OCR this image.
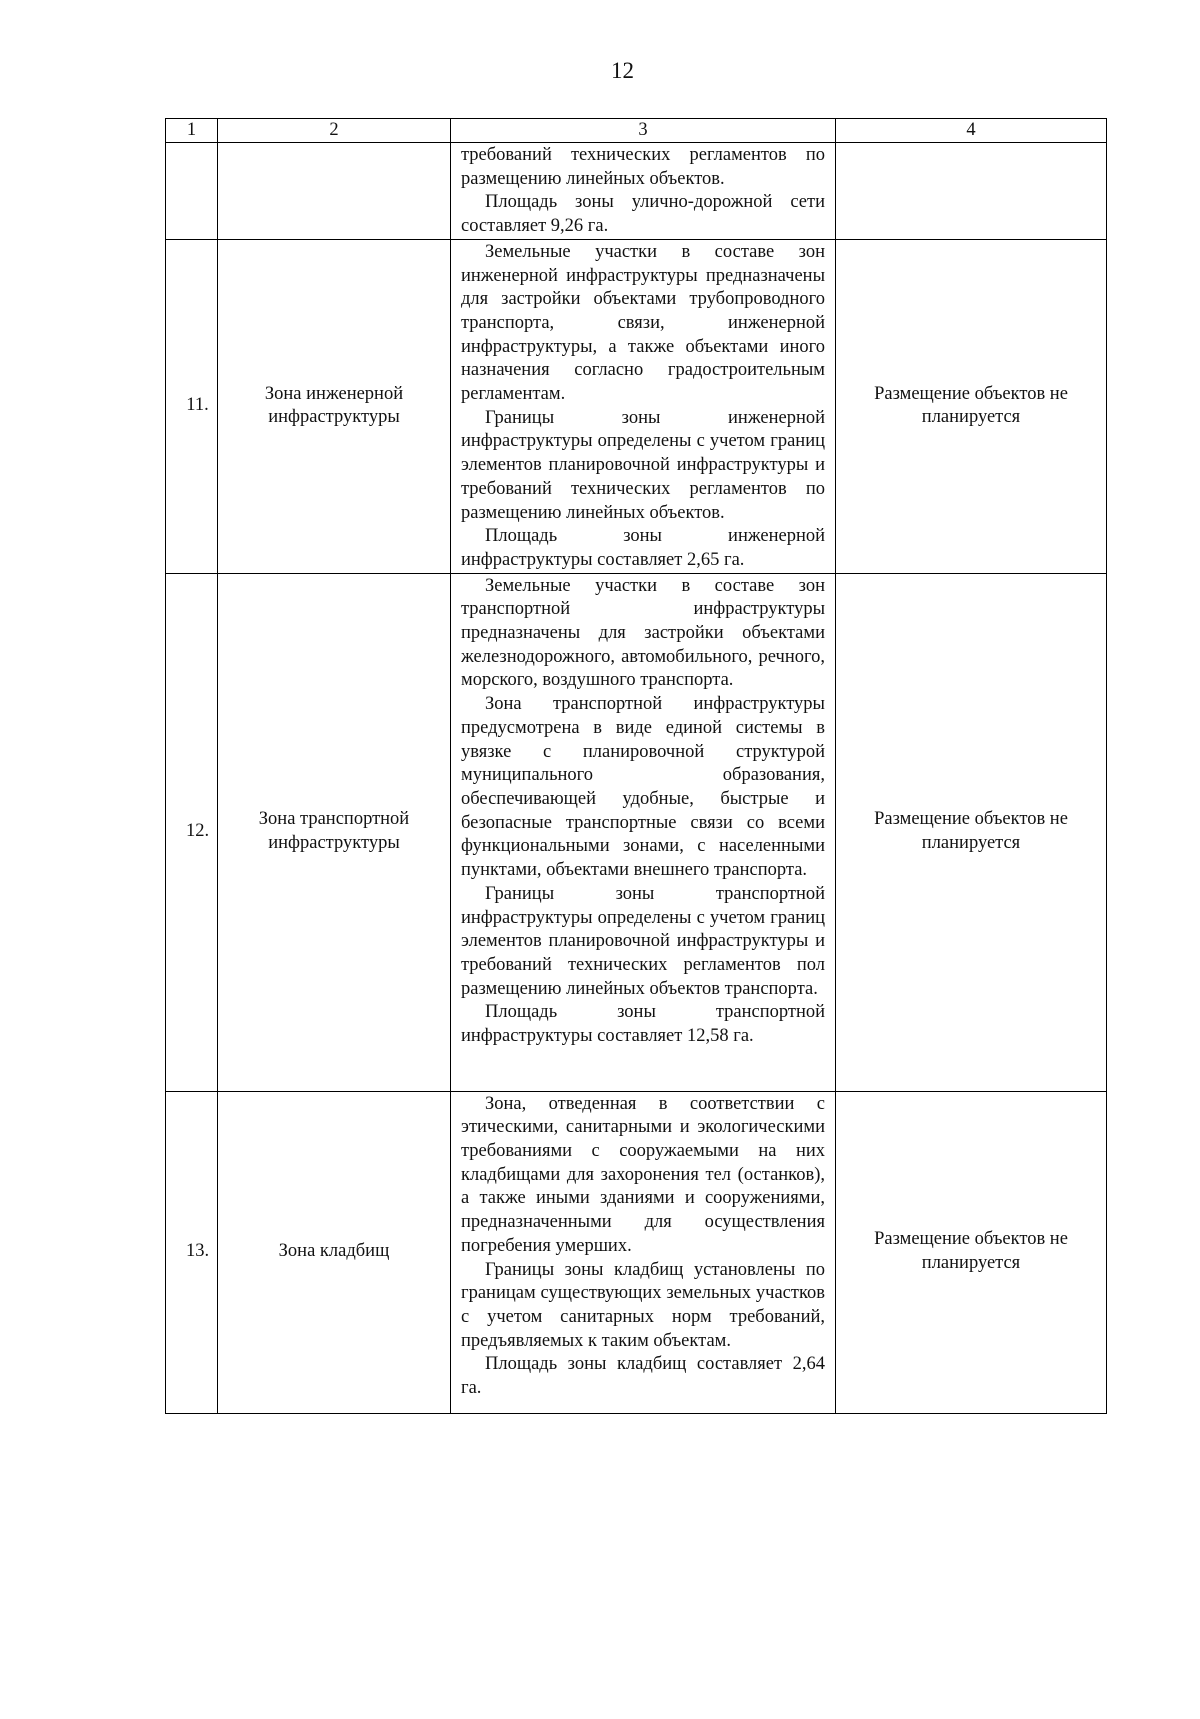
12
1	2	3	4

		требований технических регламентов по размещению линейных объектов.

Площадь зоны улично-дорожной сети составляет 9,26 га.	

11.	Зона инженерной инфраструктуры	Земельные участки в составе зон инженерной инфраструктуры предназначены для застройки объектами трубопроводного транспорта, связи, инженерной инфраструктуры, а также объектами иного назначения согласно градостроительным регламентам.

Границы зоны инженерной инфраструктуры определены с учетом границ элементов планировочной инфраструктуры и требований технических регламентов по размещению линейных объектов.

Площадь зоны инженерной инфраструктуры составляет 2,65 га.	Размещение объектов не планируется
12.	Зона транспортной инфраструктуры	Земельные участки в составе зон транспортной инфраструктуры предназначены для застройки объектами железнодорожного, автомобильного, речного, морского, воздушного транспорта.

Зона транспортной инфраструктуры предусмотрена в виде единой системы в увязке с планировочной структурой муниципального образования, обеспечивающей удобные, быстрые и безопасные транспортные связи со всеми функциональными зонами, с населенными пунктами, объектами внешнего транспорта.

Границы зоны транспортной инфраструктуры определены с учетом границ элементов планировочной инфраструктуры и требований технических регламентов пол размещению линейных объектов транспорта.

Площадь зоны транспортной инфраструктуры составляет 12,58 га.	Размещение объектов не планируется
13.	Зона кладбищ	Зона, отведенная в соответствии с этическими, санитарными и экологическими требованиями с сооружаемыми на них кладбищами для захоронения тел (останков), а также иными зданиями и сооружениями, предназначенными для осуществления погребения умерших.

Границы зоны кладбищ установлены по границам существующих земельных участков с учетом санитарных норм требований, предъявляемых к таким объектам.

Площадь зоны кладбищ составляет 2,64 га.	Размещение объектов не планируется
